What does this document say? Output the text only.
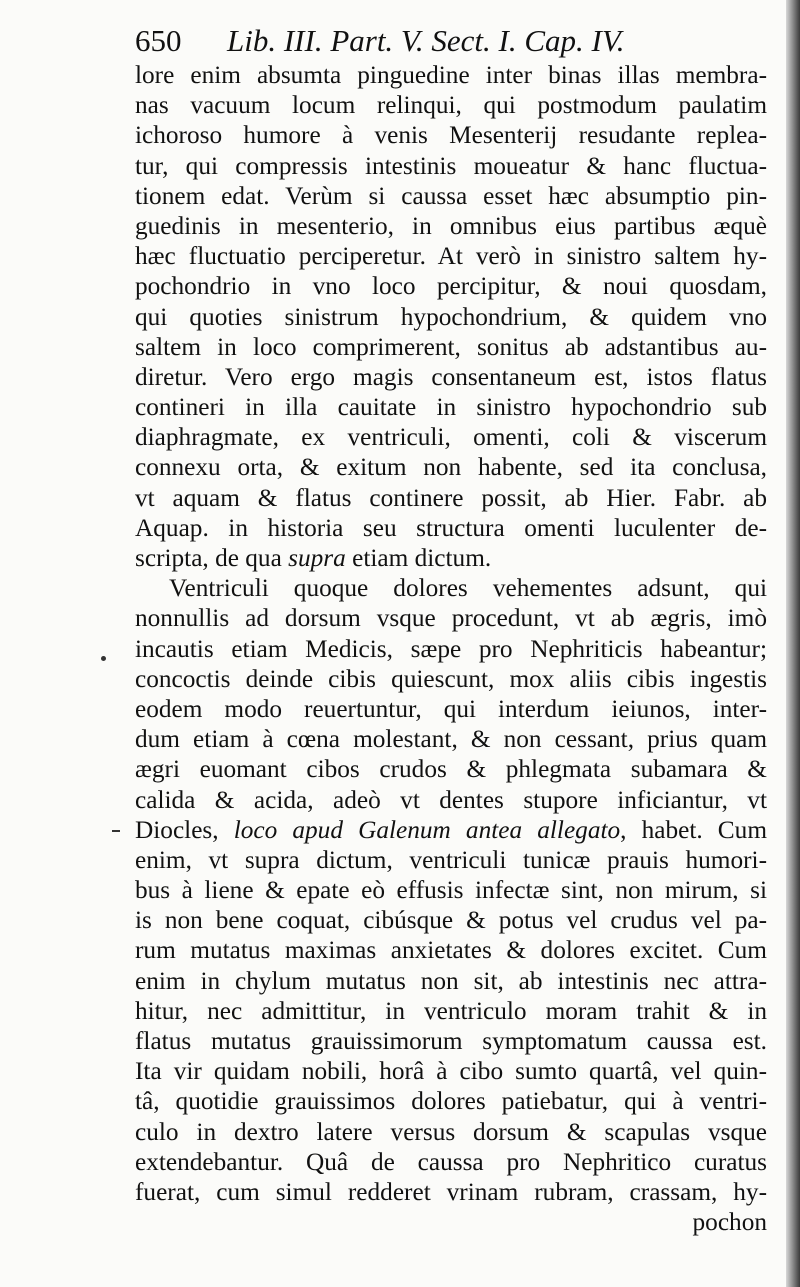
650 Lib. III. Part. V. Sect. I. Cap. IV.
lore enim absumta pinguedine inter binas illas membra-
nas vacuum locum relinqui, qui postmodum paulatim
ichoroso humore à venis Mesenterij resudante replea-
tur, qui compressis intestinis moueatur & hanc fluctua-
tionem edat. Verùm si caussa esset hæc absumptio pin-
guedinis in mesenterio, in omnibus eius partibus æquè
hæc fluctuatio perciperetur. At verò in sinistro saltem hy-
pochondrio in vno loco percipitur, & noui quosdam,
qui quoties sinistrum hypochondrium, & quidem vno
saltem in loco comprimerent, sonitus ab adstantibus au-
diretur. Vero ergo magis consentaneum est, istos flatus
contineri in illa cauitate in sinistro hypochondrio sub
diaphragmate, ex ventriculi, omenti, coli & viscerum
connexu orta, & exitum non habente, sed ita conclusa,
vt aquam & flatus continere possit, ab Hier. Fabr. ab
Aquap. in historia seu structura omenti luculenter de-
scripta, de qua supra etiam dictum.
Ventriculi quoque dolores vehementes adsunt, qui
nonnullis ad dorsum vsque procedunt, vt ab ægris, imò
incautis etiam Medicis, sæpe pro Nephriticis habeantur;
concoctis deinde cibis quiescunt, mox aliis cibis ingestis
eodem modo reuertuntur, qui interdum ieiunos, inter-
dum etiam à cœna molestant, & non cessant, prius quam
ægri euomant cibos crudos & phlegmata subamara &
calida & acida, adeò vt dentes stupore inficiantur, vt
Diocles, loco apud Galenum antea allegato, habet. Cum
enim, vt supra dictum, ventriculi tunicæ prauis humori-
bus à liene & epate eò effusis infectæ sint, non mirum, si
is non bene coquat, cibúsque & potus vel crudus vel pa-
rum mutatus maximas anxietates & dolores excitet. Cum
enim in chylum mutatus non sit, ab intestinis nec attra-
hitur, nec admittitur, in ventriculo moram trahit & in
flatus mutatus grauissimorum symptomatum caussa est.
Ita vir quidam nobili, horâ à cibo sumto quartâ, vel quin-
tâ, quotidie grauissimos dolores patiebatur, qui à ventri-
culo in dextro latere versus dorsum & scapulas vsque
extendebantur. Quâ de caussa pro Nephritico curatus
fuerat, cum simul redderet vrinam rubram, crassam, hy-
pochon
